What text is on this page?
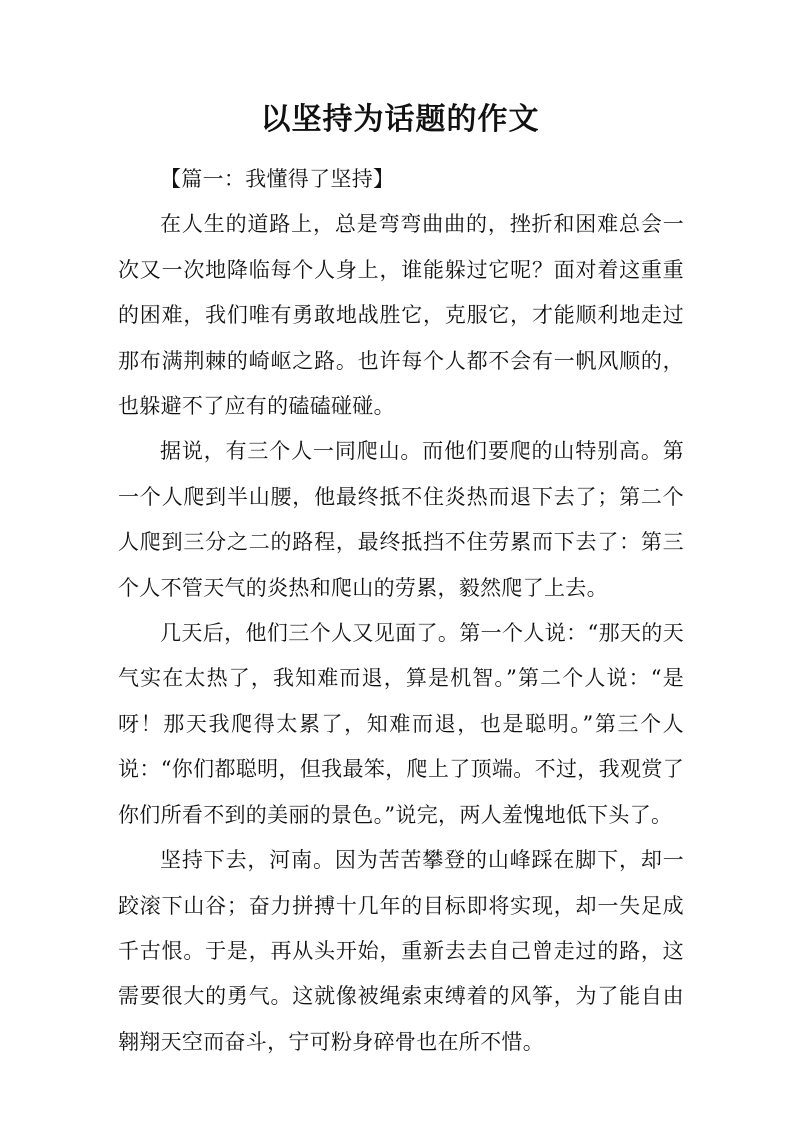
以坚持为话题的作文

【篇一：我懂得了坚持】

在人生的道路上，总是弯弯曲曲的，挫折和困难总会一次又一次地降临每个人身上，谁能躲过它呢？面对着这重重的困难，我们唯有勇敢地战胜它，克服它，才能顺利地走过那布满荆棘的崎岖之路。也许每个人都不会有一帆风顺的，也躲避不了应有的磕磕碰碰。

据说，有三个人一同爬山。而他们要爬的山特别高。第一个人爬到半山腰，他最终抵不住炎热而退下去了；第二个人爬到三分之二的路程，最终抵挡不住劳累而下去了：第三个人不管天气的炎热和爬山的劳累，毅然爬了上去。

几天后，他们三个人又见面了。第一个人说：“那天的天气实在太热了，我知难而退，算是机智。”第二个人说：“是呀！那天我爬得太累了，知难而退，也是聪明。”第三个人说：“你们都聪明，但我最笨，爬上了顶端。不过，我观赏了你们所看不到的美丽的景色。”说完，两人羞愧地低下头了。

坚持下去，河南。因为苦苦攀登的山峰踩在脚下，却一跤滚下山谷；奋力拼搏十几年的目标即将实现，却一失足成千古恨。于是，再从头开始，重新去去自己曾走过的路，这需要很大的勇气。这就像被绳索束缚着的风筝，为了能自由翱翔天空而奋斗，宁可粉身碎骨也在所不惜。
